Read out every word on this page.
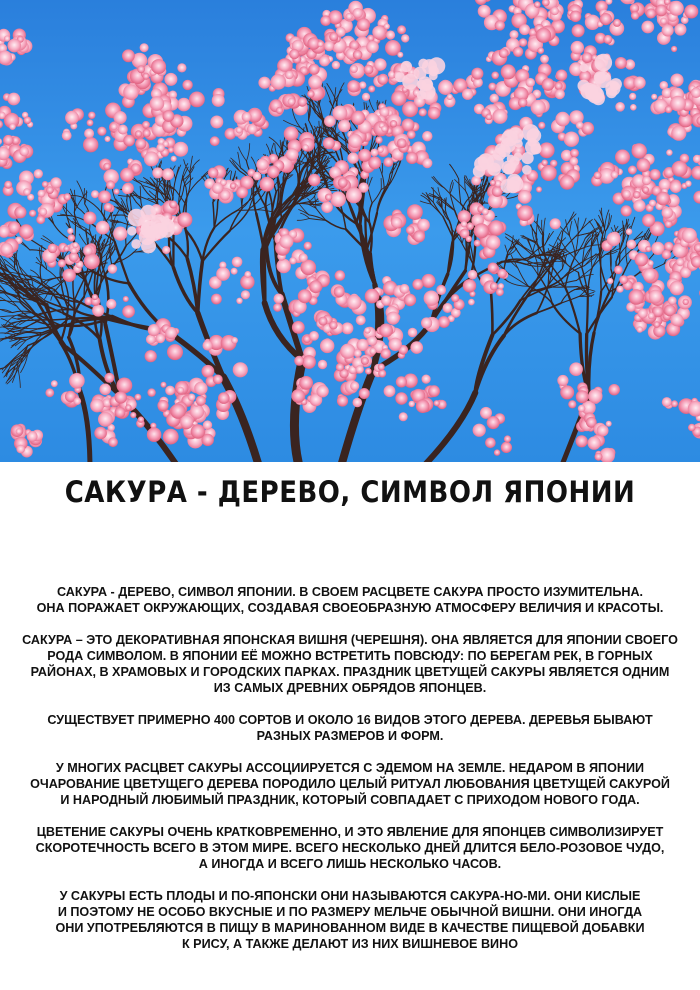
САКУРА - ДЕРЕВО, СИМВОЛ ЯПОНИИ

САКУРА - ДЕРЕВО, СИМВОЛ ЯПОНИИ. В СВОЕМ РАСЦВЕТЕ САКУРА ПРОСТО ИЗУМИТЕЛЬНА.
ОНА ПОРАЖАЕТ ОКРУЖАЮЩИХ, СОЗДАВАЯ СВОЕОБРАЗНУЮ АТМОСФЕРУ ВЕЛИЧИЯ И КРАСОТЫ.

САКУРА – ЭТО ДЕКОРАТИВНАЯ ЯПОНСКАЯ ВИШНЯ (ЧЕРЕШНЯ). ОНА ЯВЛЯЕТСЯ ДЛЯ ЯПОНИИ СВОЕГО
РОДА СИМВОЛОМ. В ЯПОНИИ ЕЁ МОЖНО ВСТРЕТИТЬ ПОВСЮДУ: ПО БЕРЕГАМ РЕК, В ГОРНЫХ
РАЙОНАХ, В ХРАМОВЫХ И ГОРОДСКИХ ПАРКАХ. ПРАЗДНИК ЦВЕТУЩЕЙ САКУРЫ ЯВЛЯЕТСЯ ОДНИМ
ИЗ САМЫХ ДРЕВНИХ ОБРЯДОВ ЯПОНЦЕВ.

СУЩЕСТВУЕТ ПРИМЕРНО 400 СОРТОВ И ОКОЛО 16 ВИДОВ ЭТОГО ДЕРЕВА. ДЕРЕВЬЯ БЫВАЮТ
РАЗНЫХ РАЗМЕРОВ И ФОРМ.

У МНОГИХ РАСЦВЕТ САКУРЫ АССОЦИИРУЕТСЯ С ЭДЕМОМ НА ЗЕМЛЕ. НЕДАРОМ В ЯПОНИИ
ОЧАРОВАНИЕ ЦВЕТУЩЕГО ДЕРЕВА ПОРОДИЛО ЦЕЛЫЙ РИТУАЛ ЛЮБОВАНИЯ ЦВЕТУЩЕЙ САКУРОЙ
И НАРОДНЫЙ ЛЮБИМЫЙ ПРАЗДНИК, КОТОРЫЙ СОВПАДАЕТ С ПРИХОДОМ НОВОГО ГОДА.

ЦВЕТЕНИЕ САКУРЫ ОЧЕНЬ КРАТКОВРЕМЕННО, И ЭТО ЯВЛЕНИЕ ДЛЯ ЯПОНЦЕВ СИМВОЛИЗИРУЕТ
СКОРОТЕЧНОСТЬ ВСЕГО В ЭТОМ МИРЕ. ВСЕГО НЕСКОЛЬКО ДНЕЙ ДЛИТСЯ БЕЛО-РОЗОВОЕ ЧУДО,
А ИНОГДА И ВСЕГО ЛИШЬ НЕСКОЛЬКО ЧАСОВ.

У САКУРЫ ЕСТЬ ПЛОДЫ И ПО-ЯПОНСКИ ОНИ НАЗЫВАЮТСЯ САКУРА-НО-МИ. ОНИ КИСЛЫЕ
И ПОЭТОМУ НЕ ОСОБО ВКУСНЫЕ И ПО РАЗМЕРУ МЕЛЬЧЕ ОБЫЧНОЙ ВИШНИ. ОНИ ИНОГДА
ОНИ УПОТРЕБЛЯЮТСЯ В ПИЩУ В МАРИНОВАННОМ ВИДЕ В КАЧЕСТВЕ ПИЩЕВОЙ ДОБАВКИ
К РИСУ, А ТАКЖЕ ДЕЛАЮТ ИЗ НИХ ВИШНЕВОЕ ВИНО
